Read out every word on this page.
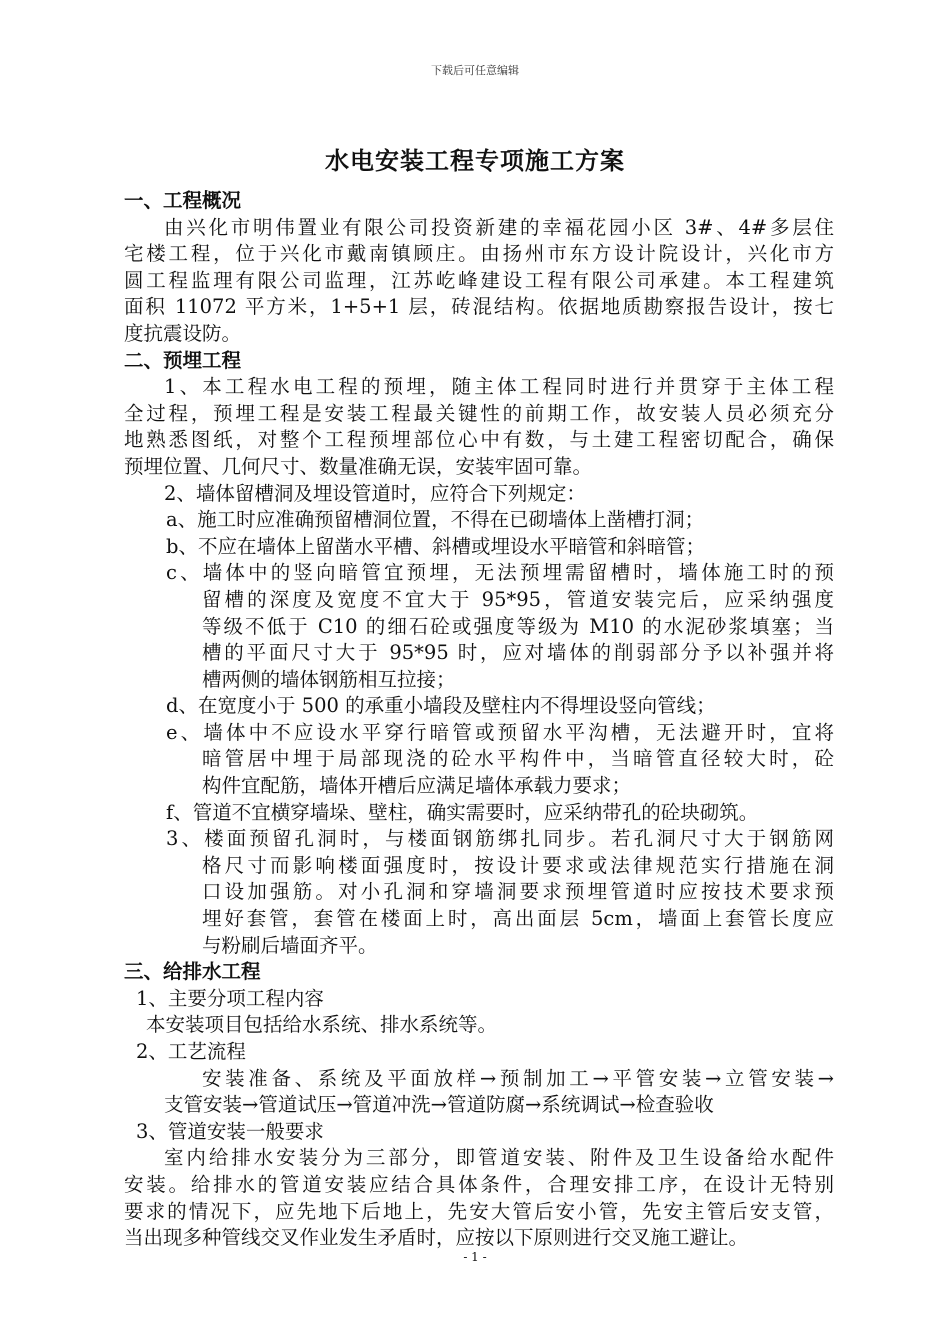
下载后可任意编辑
水电安装工程专项施工方案
一、工程概况
由兴化市明伟置业有限公司投资新建的幸福花园小区 3#、4#多层住
宅楼工程，位于兴化市戴南镇顾庄。由扬州市东方设计院设计，兴化市方
圆工程监理有限公司监理，江苏屹峰建设工程有限公司承建。本工程建筑
面积 11072 平方米，1+5+1 层，砖混结构。依据地质勘察报告设计，按七
度抗震设防。
二、预埋工程
1、本工程水电工程的预埋，随主体工程同时进行并贯穿于主体工程
全过程，预埋工程是安装工程最关键性的前期工作，故安装人员必须充分
地熟悉图纸，对整个工程预埋部位心中有数，与土建工程密切配合，确保
预埋位置、几何尺寸、数量准确无误，安装牢固可靠。
2、墙体留槽洞及埋设管道时，应符合下列规定：
a、施工时应准确预留槽洞位置，不得在已砌墙体上凿槽打洞；
b、不应在墙体上留凿水平槽、斜槽或埋设水平暗管和斜暗管；
c、墙体中的竖向暗管宜预埋，无法预埋需留槽时，墙体施工时的预
留槽的深度及宽度不宜大于 95*95，管道安装完后，应采纳强度
等级不低于 C10 的细石砼或强度等级为 M10 的水泥砂浆填塞；当
槽的平面尺寸大于 95*95 时，应对墙体的削弱部分予以补强并将
槽两侧的墙体钢筋相互拉接；
d、在宽度小于 500 的承重小墙段及壁柱内不得埋设竖向管线；
e、墙体中不应设水平穿行暗管或预留水平沟槽，无法避开时，宜将
暗管居中埋于局部现浇的砼水平构件中，当暗管直径较大时，砼
构件宜配筋，墙体开槽后应满足墙体承载力要求；
f、管道不宜横穿墙垛、壁柱，确实需要时，应采纳带孔的砼块砌筑。
3、楼面预留孔洞时，与楼面钢筋绑扎同步。若孔洞尺寸大于钢筋网
格尺寸而影响楼面强度时，按设计要求或法律规范实行措施在洞
口设加强筋。对小孔洞和穿墙洞要求预埋管道时应按技术要求预
埋好套管，套管在楼面上时，高出面层 5cm，墙面上套管长度应
与粉刷后墙面齐平。
三、给排水工程
1、主要分项工程内容
本安装项目包括给水系统、排水系统等。
2、工艺流程
安装准备、系统及平面放样→预制加工→平管安装→立管安装→
支管安装→管道试压→管道冲洗→管道防腐→系统调试→检查验收
3、管道安装一般要求
室内给排水安装分为三部分，即管道安装、附件及卫生设备给水配件
安装。给排水的管道安装应结合具体条件，合理安排工序，在设计无特别
要求的情况下，应先地下后地上，先安大管后安小管，先安主管后安支管，
当出现多种管线交叉作业发生矛盾时，应按以下原则进行交叉施工避让。
- 1 -
